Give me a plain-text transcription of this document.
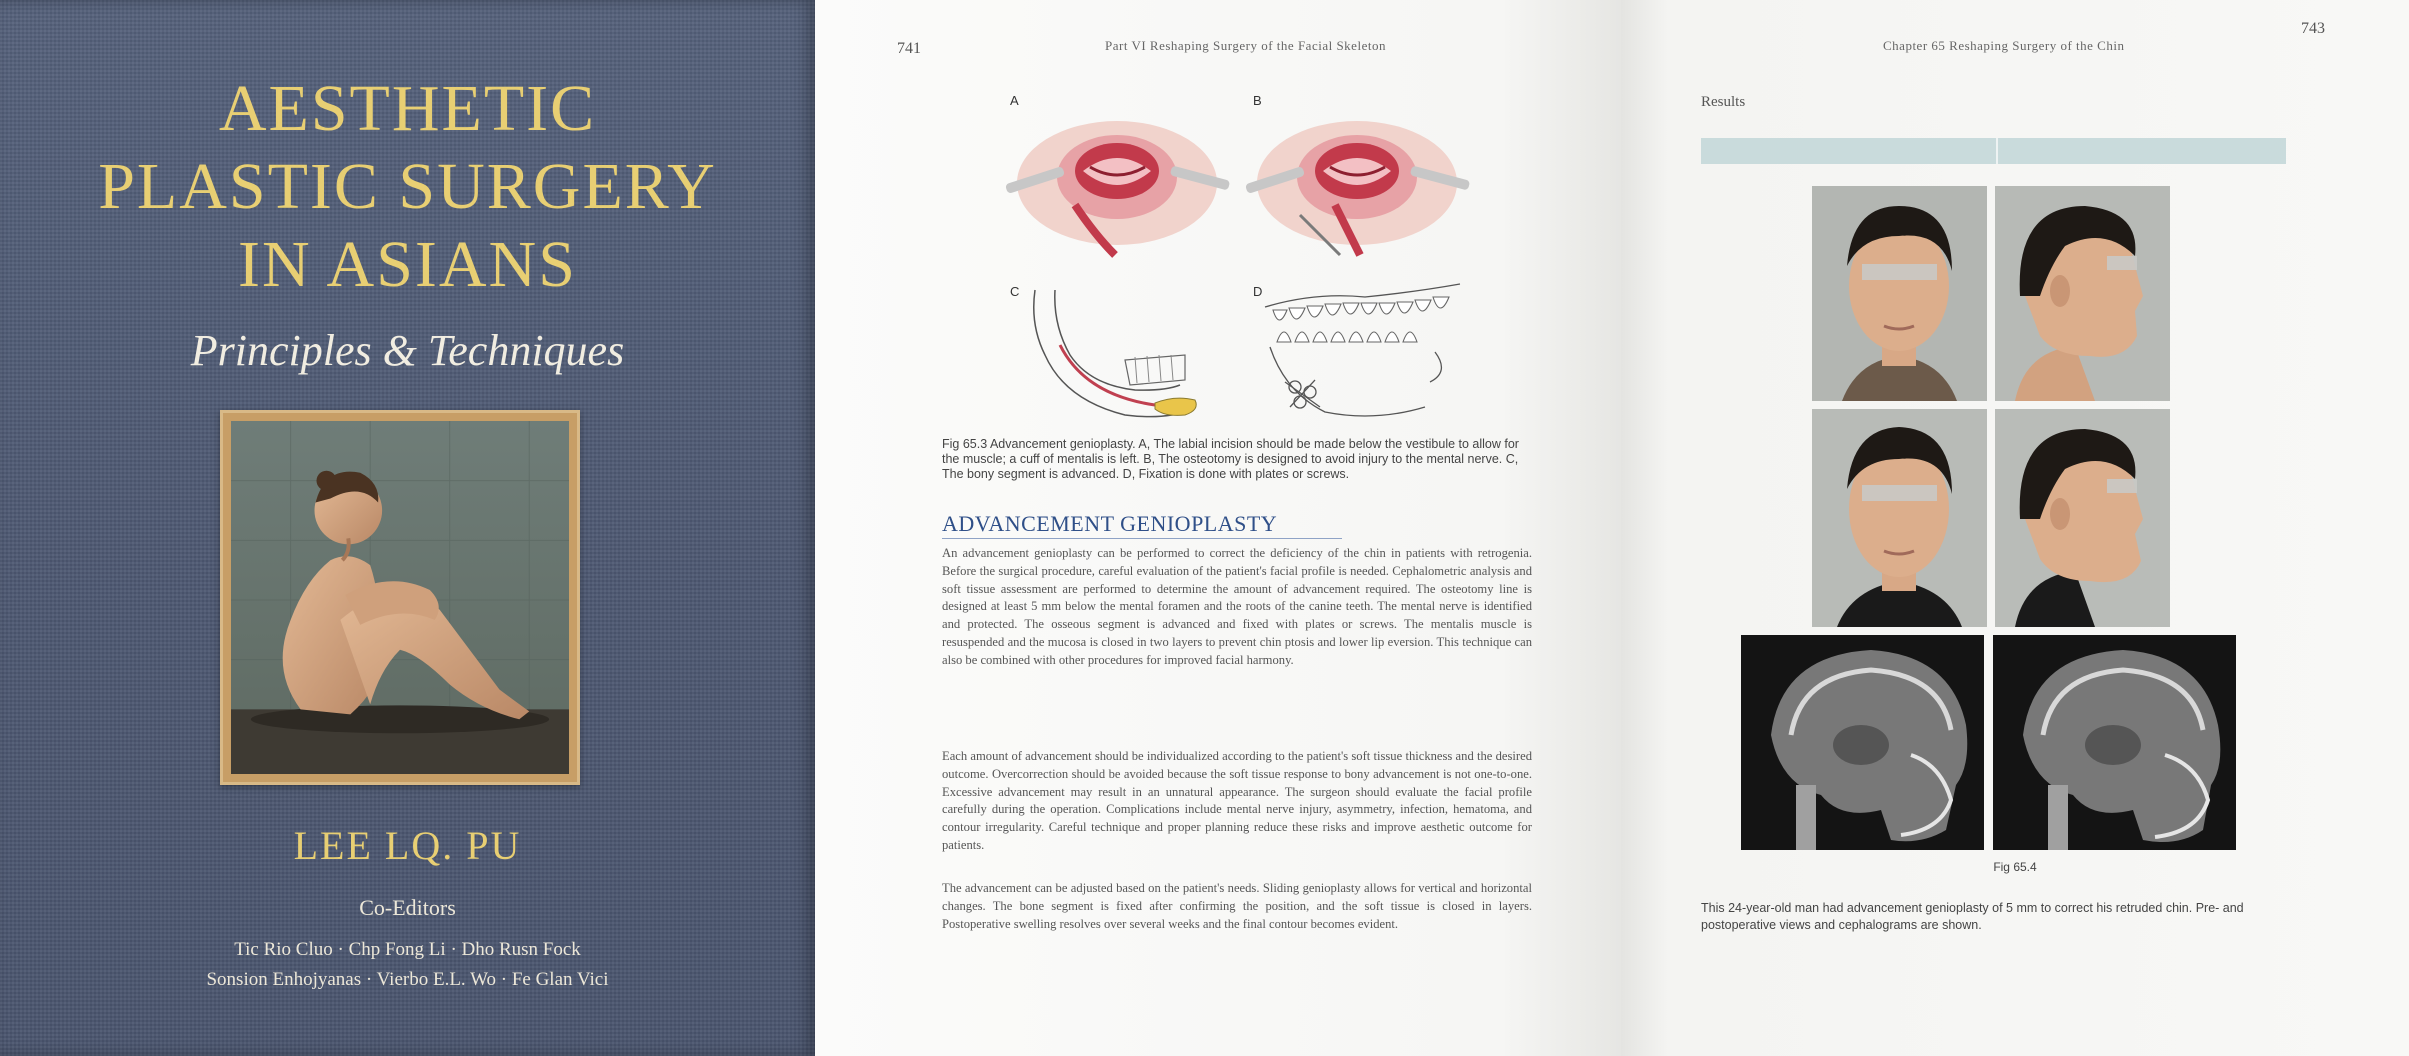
AESTHETIC
PLASTIC SURGERY
IN ASIANS
Principles & Techniques
LEE LQ. PU
Co-Editors
Tic Rio Cluo · Chp Fong Li · Dho Rusn Fock
Sonsion Enhojyanas · Vierbo E.L. Wo · Fe Glan Vici
741	Part VI Reshaping Surgery of the Facial Skeleton
A	B
C	D
Fig 65.3 Advancement genioplasty. A, The labial incision should be made below the vestibule to allow for the muscle; a cuff of mentalis is left. B, The osteotomy is designed to avoid injury to the mental nerve. C, The bony segment is advanced. D, Fixation is done with plates or screws.
ADVANCEMENT GENIOPLASTY
An advancement genioplasty can be performed to correct the deficiency of the chin in patients with retrogenia. Before the surgical procedure, careful evaluation of the patient's facial profile is needed. Cephalometric analysis and soft tissue assessment are performed to determine the amount of advancement required. The osteotomy line is designed at least 5 mm below the mental foramen and the roots of the canine teeth. The mental nerve is identified and protected. The osseous segment is advanced and fixed with plates or screws. The mentalis muscle is resuspended and the mucosa is closed in two layers to prevent chin ptosis and lower lip eversion. This technique can also be combined with other procedures for improved facial harmony.
Each amount of advancement should be individualized according to the patient's soft tissue thickness and the desired outcome. Overcorrection should be avoided because the soft tissue response to bony advancement is not one-to-one. Excessive advancement may result in an unnatural appearance. The surgeon should evaluate the facial profile carefully during the operation. Complications include mental nerve injury, asymmetry, infection, hematoma, and contour irregularity. Careful technique and proper planning reduce these risks and improve aesthetic outcome for patients.
The advancement can be adjusted based on the patient's needs. Sliding genioplasty allows for vertical and horizontal changes. The bone segment is fixed after confirming the position, and the soft tissue is closed in layers. Postoperative swelling resolves over several weeks and the final contour becomes evident.
Chapter 65 Reshaping Surgery of the Chin
743
Results
Fig 65.4
This 24-year-old man had advancement genioplasty of 5 mm to correct his retruded chin. Pre- and postoperative views and cephalograms are shown.
